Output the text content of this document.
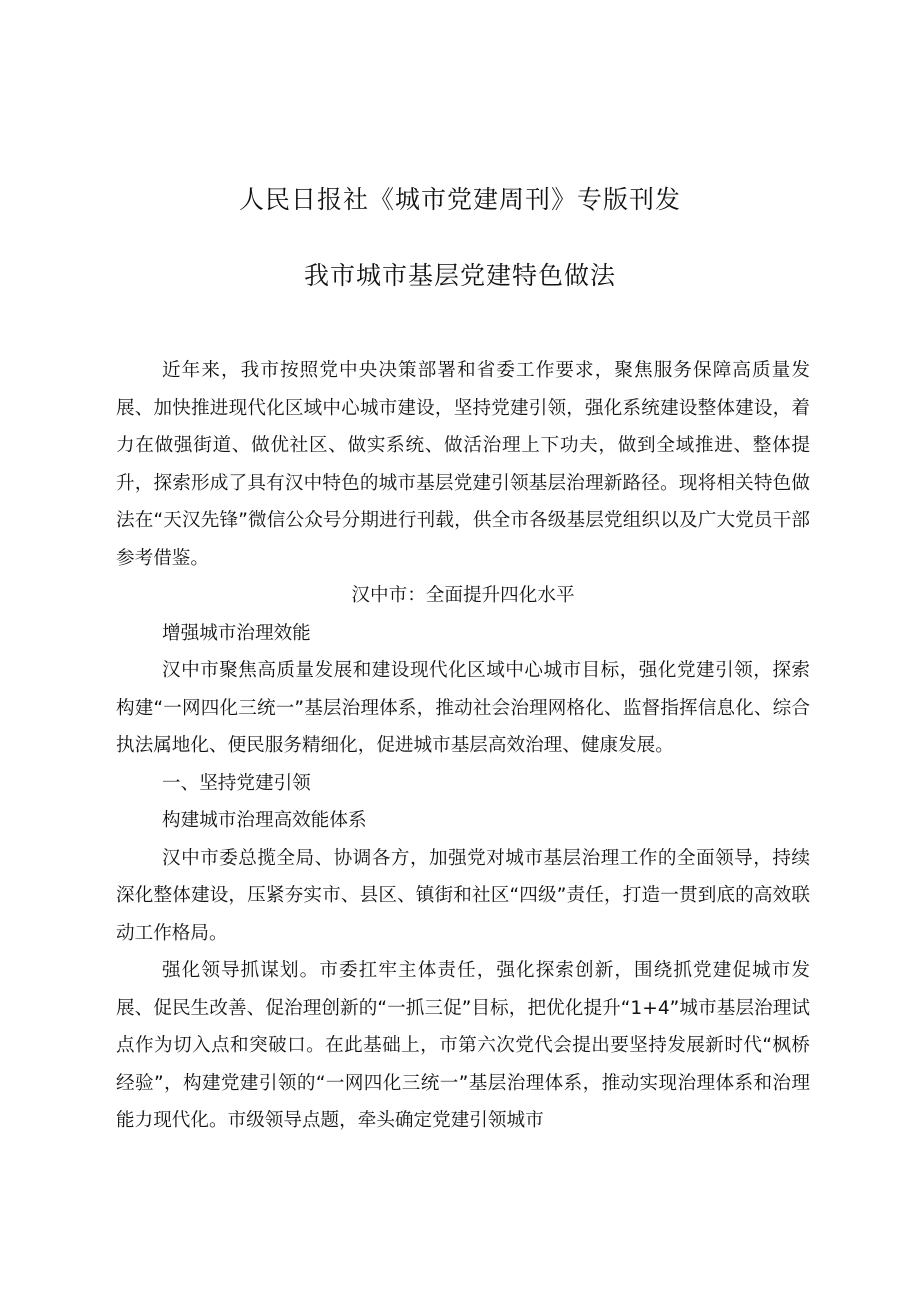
人民日报社《城市党建周刊》专版刊发
我市城市基层党建特色做法

近年来，我市按照党中央决策部署和省委工作要求，聚焦服务保障高质量发展、加快推进现代化区域中心城市建设，坚持党建引领，强化系统建设整体建设，着力在做强街道、做优社区、做实系统、做活治理上下功夫，做到全域推进、整体提升，探索形成了具有汉中特色的城市基层党建引领基层治理新路径。现将相关特色做法在“天汉先锋”微信公众号分期进行刊载，供全市各级基层党组织以及广大党员干部参考借鉴。

汉中市：全面提升四化水平

增强城市治理效能

汉中市聚焦高质量发展和建设现代化区域中心城市目标，强化党建引领，探索构建“一网四化三统一”基层治理体系，推动社会治理网格化、监督指挥信息化、综合执法属地化、便民服务精细化，促进城市基层高效治理、健康发展。

一、坚持党建引领

构建城市治理高效能体系

汉中市委总揽全局、协调各方，加强党对城市基层治理工作的全面领导，持续深化整体建设，压紧夯实市、县区、镇街和社区“四级”责任，打造一贯到底的高效联动工作格局。

强化领导抓谋划。市委扛牢主体责任，强化探索创新，围绕抓党建促城市发展、促民生改善、促治理创新的“一抓三促”目标，把优化提升“1+4”城市基层治理试点作为切入点和突破口。在此基础上，市第六次党代会提出要坚持发展新时代“枫桥经验”，构建党建引领的“一网四化三统一”基层治理体系，推动实现治理体系和治理能力现代化。市级领导点题，牵头确定党建引领城市
